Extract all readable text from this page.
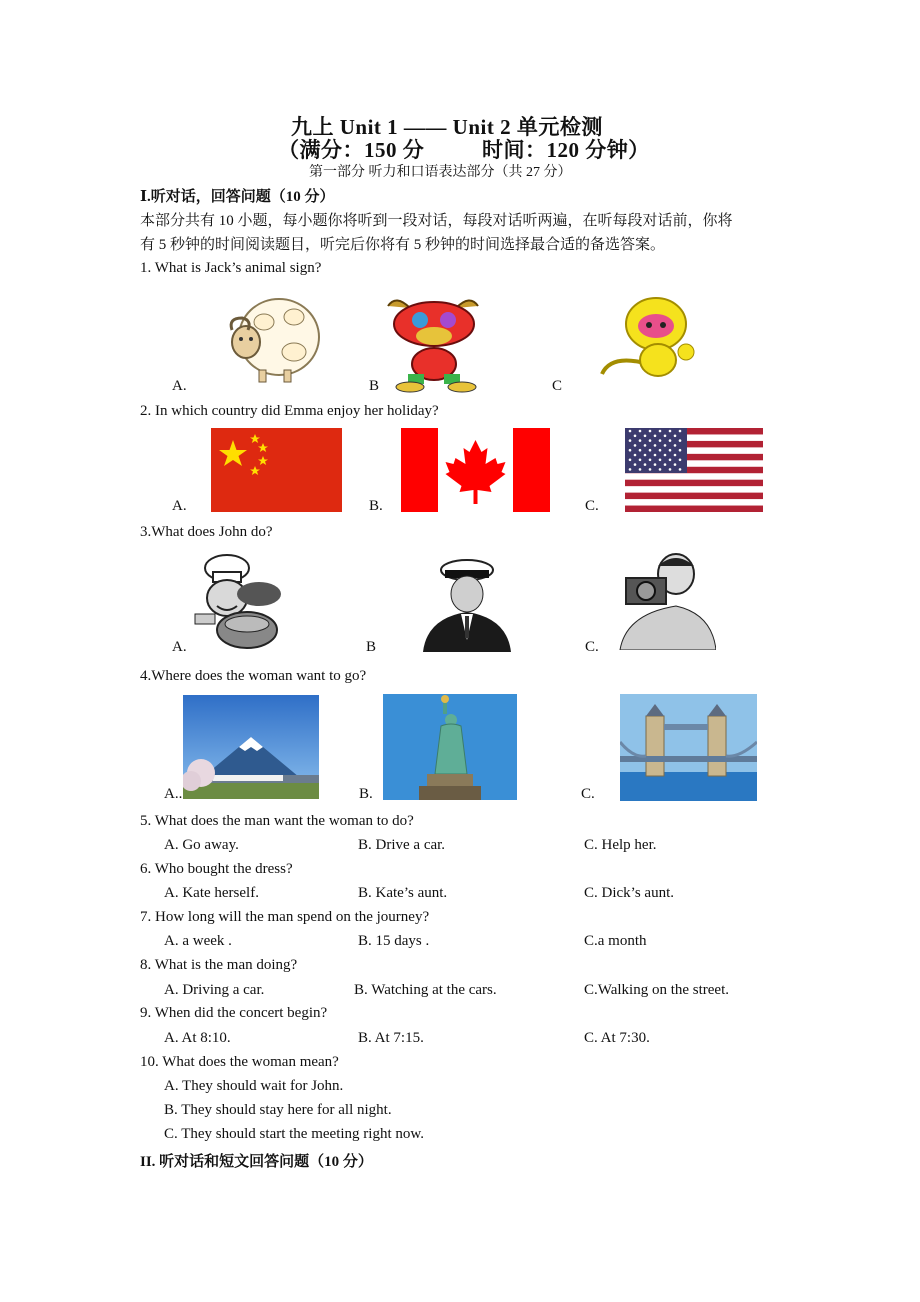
九上 Unit 1 —— Unit 2 单元检测
（满分：150 分	时间：120 分钟）
第一部分 听力和口语表达部分（共 27 分）
Ⅰ.听对话，回答问题（10 分）
本部分共有 10 小题，每小题你将听到一段对话，每段对话听两遍，在听每段对话前，你将
有 5 秒钟的时间阅读题目，听完后你将有 5 秒钟的时间选择最合适的备选答案。
1. What is Jack’s animal sign?
A.	B	C
2. In which country did Emma enjoy her holiday?
A.	B.	C.
3.What does John do?
A.	B	C.
4.Where does the woman want to go?
A..	B.	C.
5. What does the man want the woman to do?
A. Go away.	B. Drive a car.	C. Help her.
6. Who bought the dress?
A. Kate herself.	B. Kate’s aunt.	C. Dick’s aunt.
7. How long will the man spend on the journey?
A. a week .	B. 15 days .	C.a month
8. What is the man doing?
A. Driving a car.	B. Watching at the cars.	C.Walking on the street.
9. When did the concert begin?
A. At 8:10.	B. At 7:15.	C. At 7:30.
10. What does the woman mean?
A. They should wait for John.
B. They should stay here for all night.
C. They should start the meeting right now.
II. 听对话和短文回答问题（10 分）
